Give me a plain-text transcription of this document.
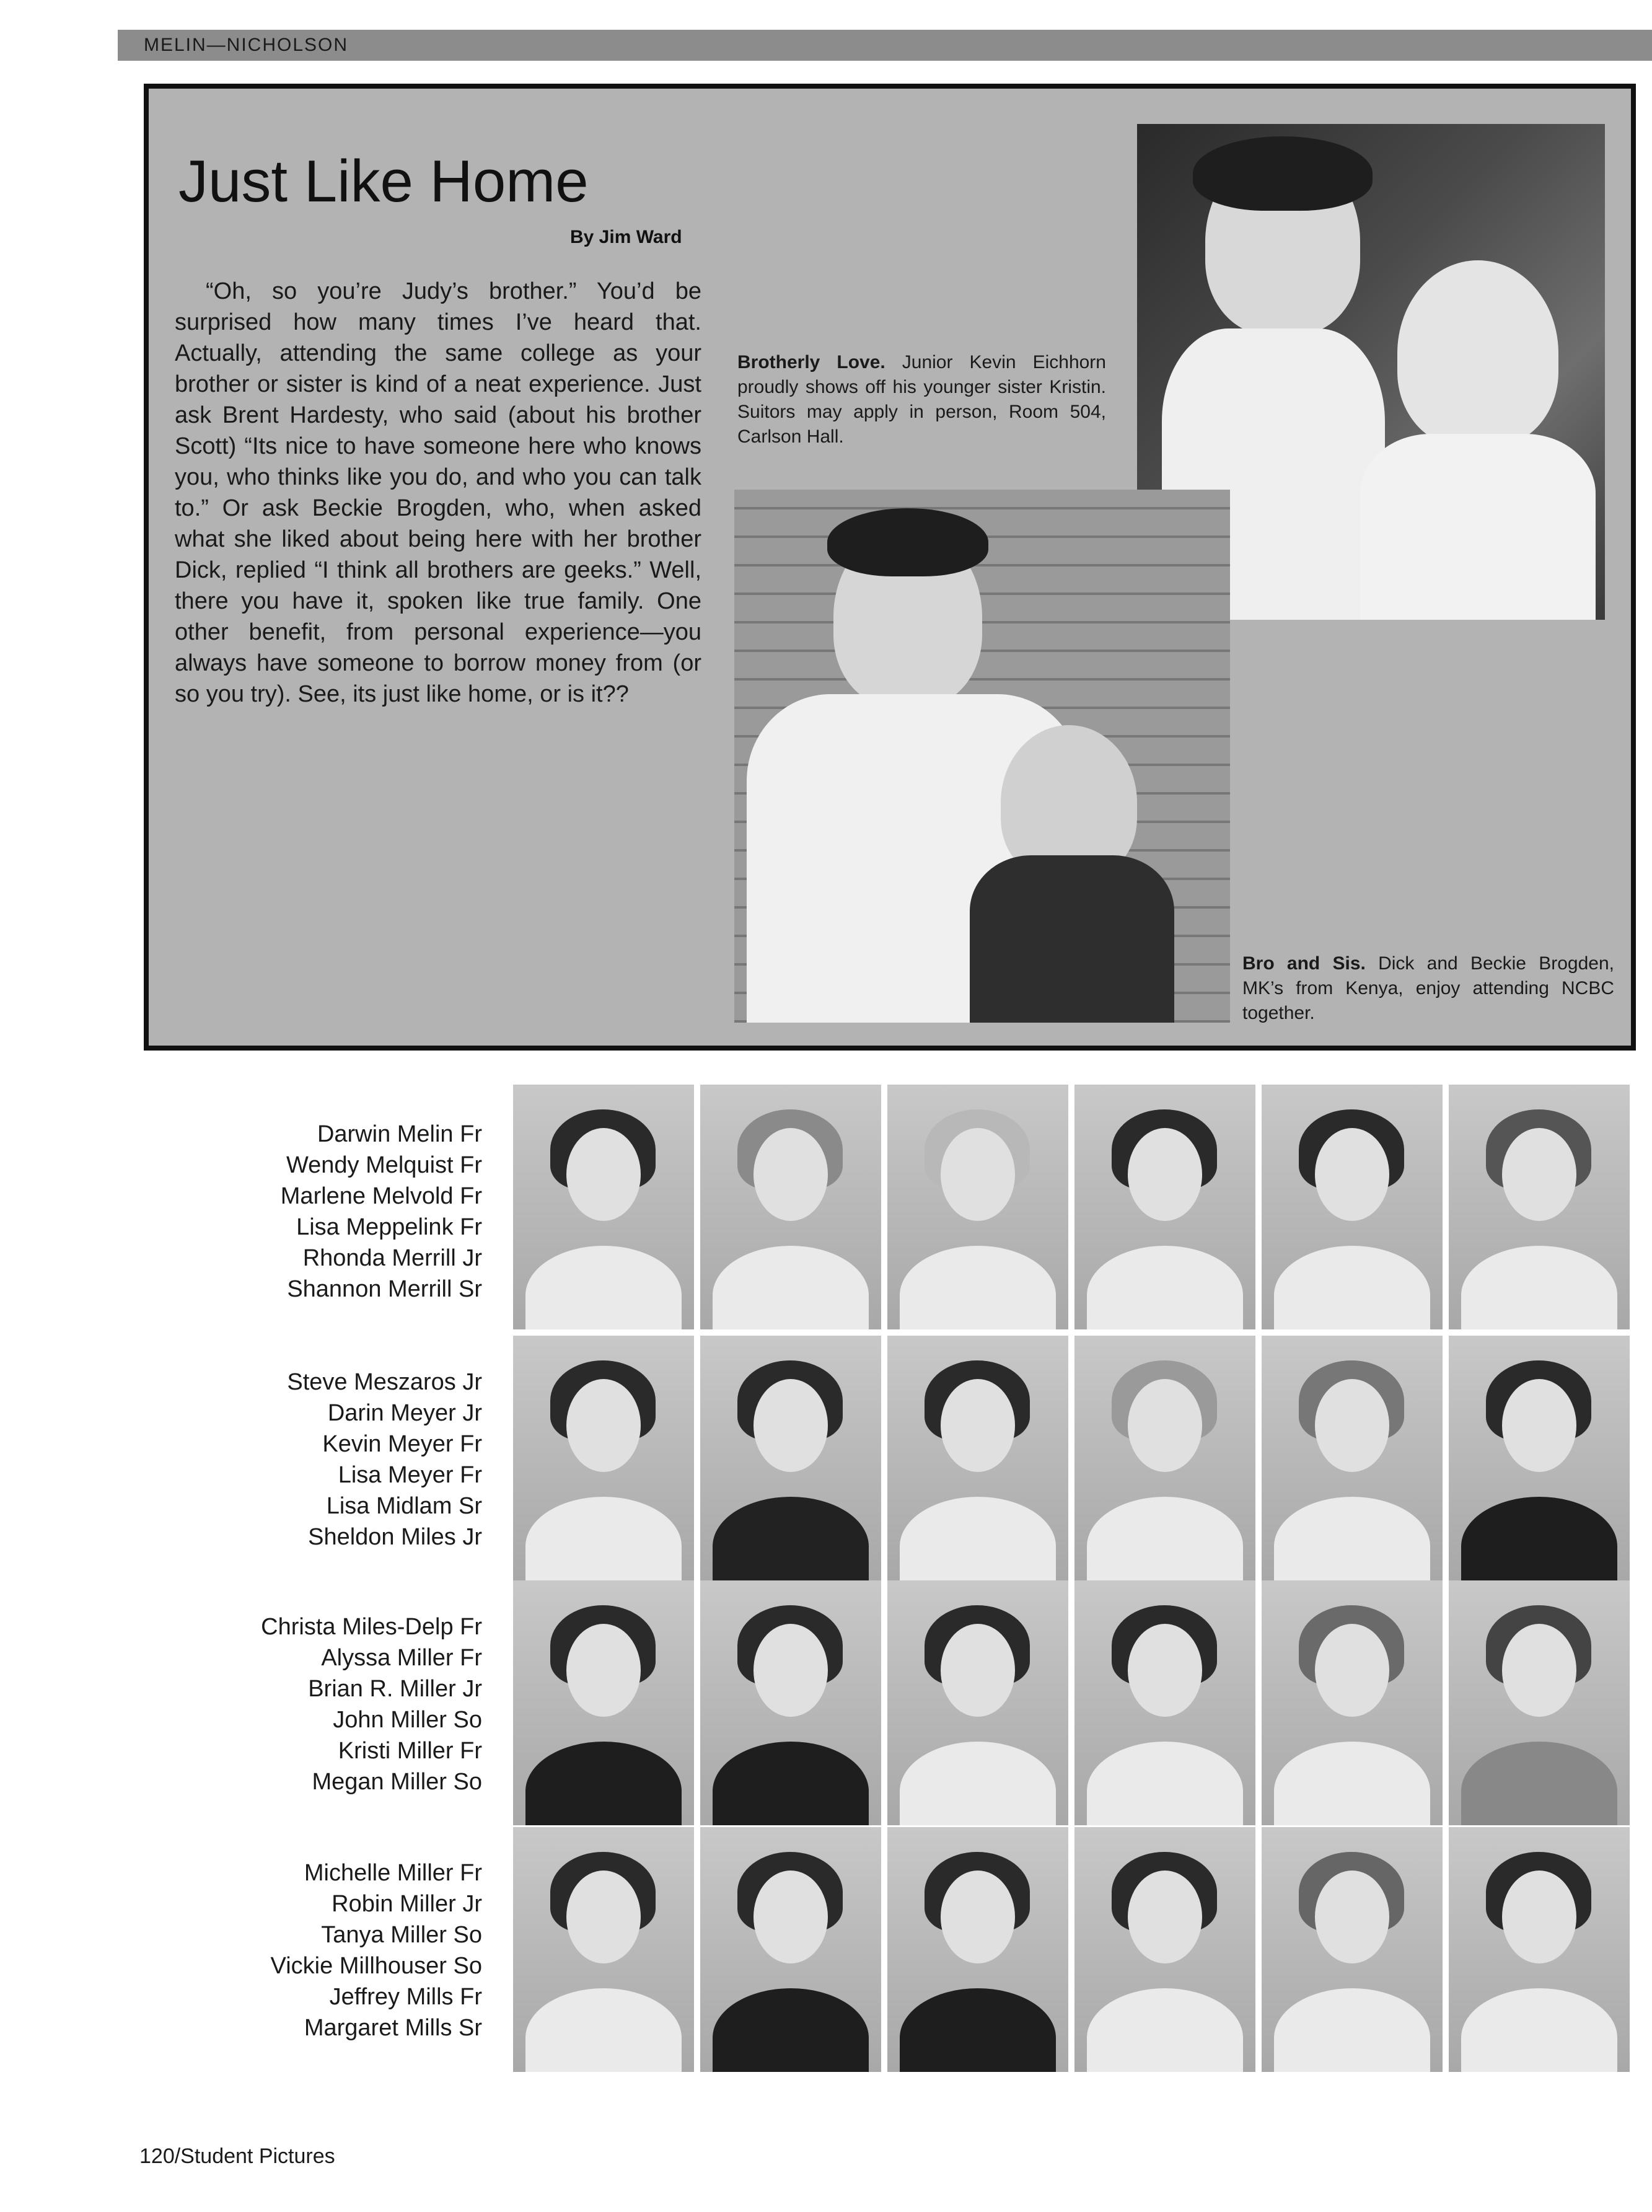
MELIN—NICHOLSON
Just Like Home
By Jim Ward
“Oh, so you’re Judy’s brother.” You’d be surprised how many times I’ve heard that. Actually, attending the same college as your brother or sister is kind of a neat experience. Just ask Brent Hardesty, who said (about his brother Scott) “Its nice to have someone here who knows you, who thinks like you do, and who you can talk to.” Or ask Beckie Brogden, who, when asked what she liked about being here with her brother Dick, replied “I think all brothers are geeks.” Well, there you have it, spoken like true family. One other benefit, from personal experience—you always have someone to borrow money from (or so you try). See, its just like home, or is it??
Brotherly Love. Junior Kevin Eichhorn proudly shows off his younger sister Kristin. Suitors may apply in person, Room 504, Carlson Hall.
Bro and Sis. Dick and Beckie Brogden, MK’s from Kenya, enjoy attending NCBC together.
Darwin Melin Fr
Wendy Melquist Fr
Marlene Melvold Fr
Lisa Meppelink Fr
Rhonda Merrill Jr
Shannon Merrill Sr
Steve Meszaros Jr
Darin Meyer Jr
Kevin Meyer Fr
Lisa Meyer Fr
Lisa Midlam Sr
Sheldon Miles Jr
Christa Miles-Delp Fr
Alyssa Miller Fr
Brian R. Miller Jr
John Miller So
Kristi Miller Fr
Megan Miller So
Michelle Miller Fr
Robin Miller Jr
Tanya Miller So
Vickie Millhouser So
Jeffrey Mills Fr
Margaret Mills Sr
120/Student Pictures
